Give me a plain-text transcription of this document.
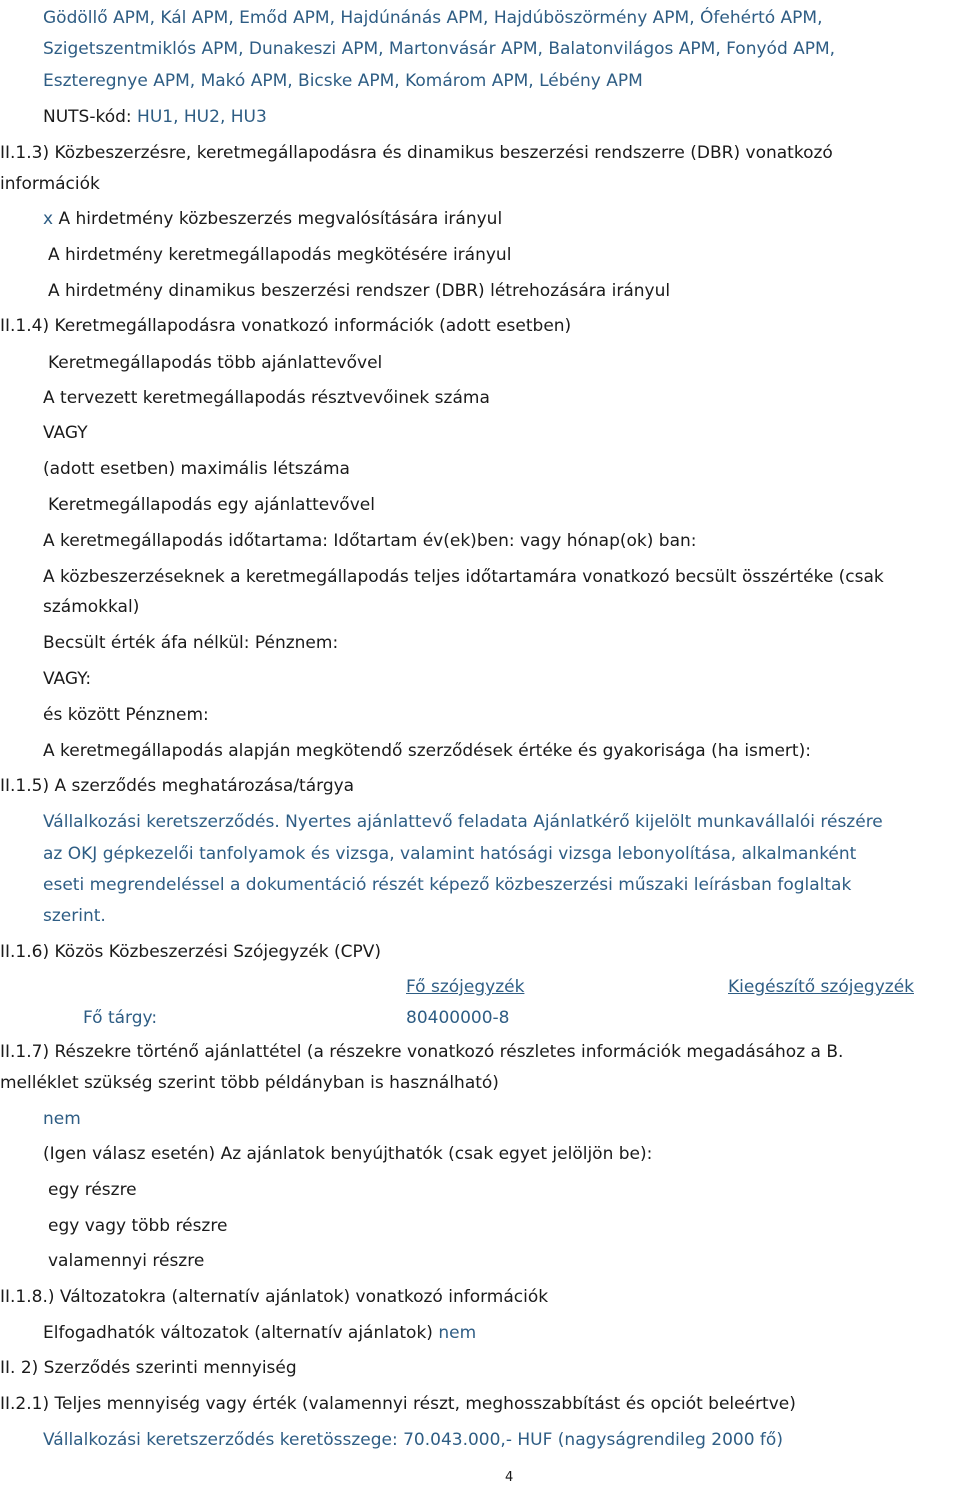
Gödöllő APM, Kál APM, Emőd APM, Hajdúnánás APM, Hajdúböszörmény APM, Ófehértó APM,
Szigetszentmiklós APM, Dunakeszi APM, Martonvásár APM, Balatonvilágos APM, Fonyód APM,
Eszteregnye APM, Makó APM, Bicske APM, Komárom APM, Lébény APM
NUTS-kód: HU1, HU2, HU3
II.1.3) Közbeszerzésre, keretmegállapodásra és dinamikus beszerzési rendszerre (DBR) vonatkozó
információk
x A hirdetmény közbeszerzés megvalósítására irányul
A hirdetmény keretmegállapodás megkötésére irányul
A hirdetmény dinamikus beszerzési rendszer (DBR) létrehozására irányul
II.1.4) Keretmegállapodásra vonatkozó információk (adott esetben)
Keretmegállapodás több ajánlattevővel
A tervezett keretmegállapodás résztvevőinek száma
VAGY
(adott esetben) maximális létszáma
Keretmegállapodás egy ajánlattevővel
A keretmegállapodás időtartama: Időtartam év(ek)ben: vagy hónap(ok) ban:
A közbeszerzéseknek a keretmegállapodás teljes időtartamára vonatkozó becsült összértéke (csak
számokkal)
Becsült érték áfa nélkül: Pénznem:
VAGY:
és között Pénznem:
A keretmegállapodás alapján megkötendő szerződések értéke és gyakorisága (ha ismert):
II.1.5) A szerződés meghatározása/tárgya
Vállalkozási keretszerződés. Nyertes ajánlattevő feladata Ajánlatkérő kijelölt munkavállalói részére
az OKJ gépkezelői tanfolyamok és vizsga, valamint hatósági vizsga lebonyolítása, alkalmanként
eseti megrendeléssel a dokumentáció részét képező közbeszerzési műszaki leírásban foglaltak
szerint.
II.1.6) Közös Közbeszerzési Szójegyzék (CPV)
Fő szójegyzék	Kiegészítő szójegyzék
Fő tárgy:	80400000-8
II.1.7) Részekre történő ajánlattétel (a részekre vonatkozó részletes információk megadásához a B.
melléklet szükség szerint több példányban is használható)
nem
(Igen válasz esetén) Az ajánlatok benyújthatók (csak egyet jelöljön be):
egy részre
egy vagy több részre
valamennyi részre
II.1.8.) Változatokra (alternatív ajánlatok) vonatkozó információk
Elfogadhatók változatok (alternatív ajánlatok) nem
II. 2) Szerződés szerinti mennyiség
II.2.1) Teljes mennyiség vagy érték (valamennyi részt, meghosszabbítást és opciót beleértve)
Vállalkozási keretszerződés keretösszege: 70.043.000,- HUF (nagyságrendileg 2000 fő)
4
